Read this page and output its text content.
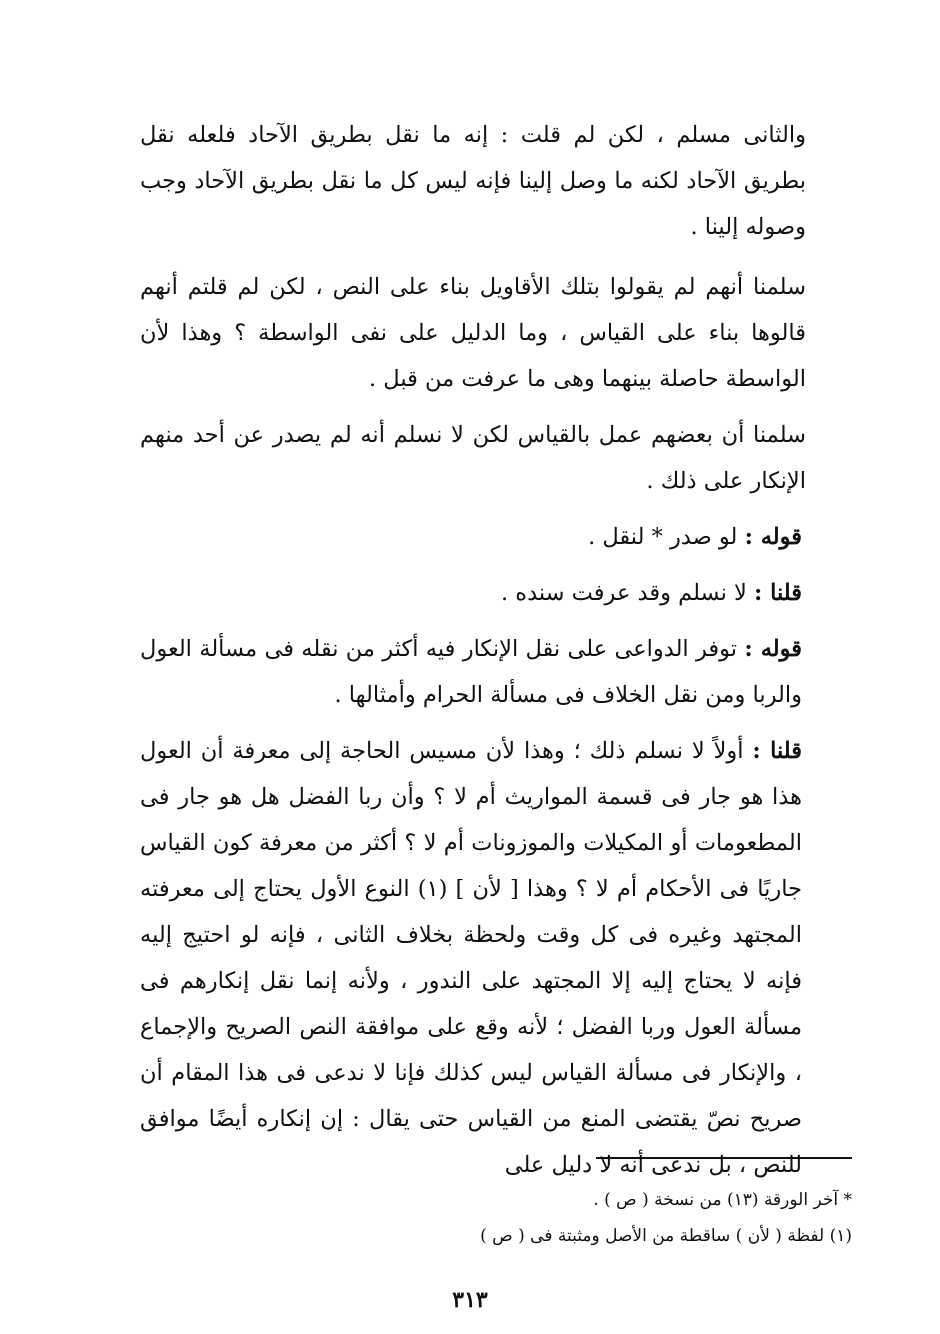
والثانى مسلم ، لكن لم قلت : إنه ما نقل بطريق الآحاد فلعله نقل بطريق الآحاد لكنه ما وصل إلينا فإنه ليس كل ما نقل بطريق الآحاد وجب وصوله إلينا .

سلمنا أنهم لم يقولوا بتلك الأقاويل بناء على النص ، لكن لم قلتم أنهم قالوها بناء على القياس ، وما الدليل على نفى الواسطة ؟ وهذا لأن الواسطة حاصلة بينهما وهى ما عرفت من قبل .

سلمنا أن بعضهم عمل بالقياس لكن لا نسلم أنه لم يصدر عن أحد منهم الإنكار على ذلك .

قوله : لو صدر * لنقل .

قلنا : لا نسلم وقد عرفت سنده .

قوله : توفر الدواعى على نقل الإنكار فيه أكثر من نقله فى مسألة العول والربا ومن نقل الخلاف فى مسألة الحرام وأمثالها .

قلنا : أولاً لا نسلم ذلك ؛ وهذا لأن مسيس الحاجة إلى معرفة أن العول هذا هو جار فى قسمة المواريث أم لا ؟ وأن ربا الفضل هل هو جار فى المطعومات أو المكيلات والموزونات أم لا ؟ أكثر من معرفة كون القياس جاريًا فى الأحكام أم لا ؟ وهذا [ لأن ] (١) النوع الأول يحتاج إلى معرفته المجتهد وغيره فى كل وقت ولحظة بخلاف الثانى ، فإنه لو احتيج إليه فإنه لا يحتاج إليه إلا المجتهد على الندور ، ولأنه إنما نقل إنكارهم فى مسألة العول وربا الفضل ؛ لأنه وقع على موافقة النص الصريح والإجماع ، والإنكار فى مسألة القياس ليس كذلك فإنا لا ندعى فى هذا المقام أن صريح نصّ يقتضى المنع من القياس حتى يقال : إن إنكاره أيضًا موافق للنص ، بل ندعى أنه لا دليل على

* آخر الورقة (١٣) من نسخة ( ص ) .

(١) لفظة ( لأن ) ساقطة من الأصل ومثبتة فى ( ص )

٣١٣
